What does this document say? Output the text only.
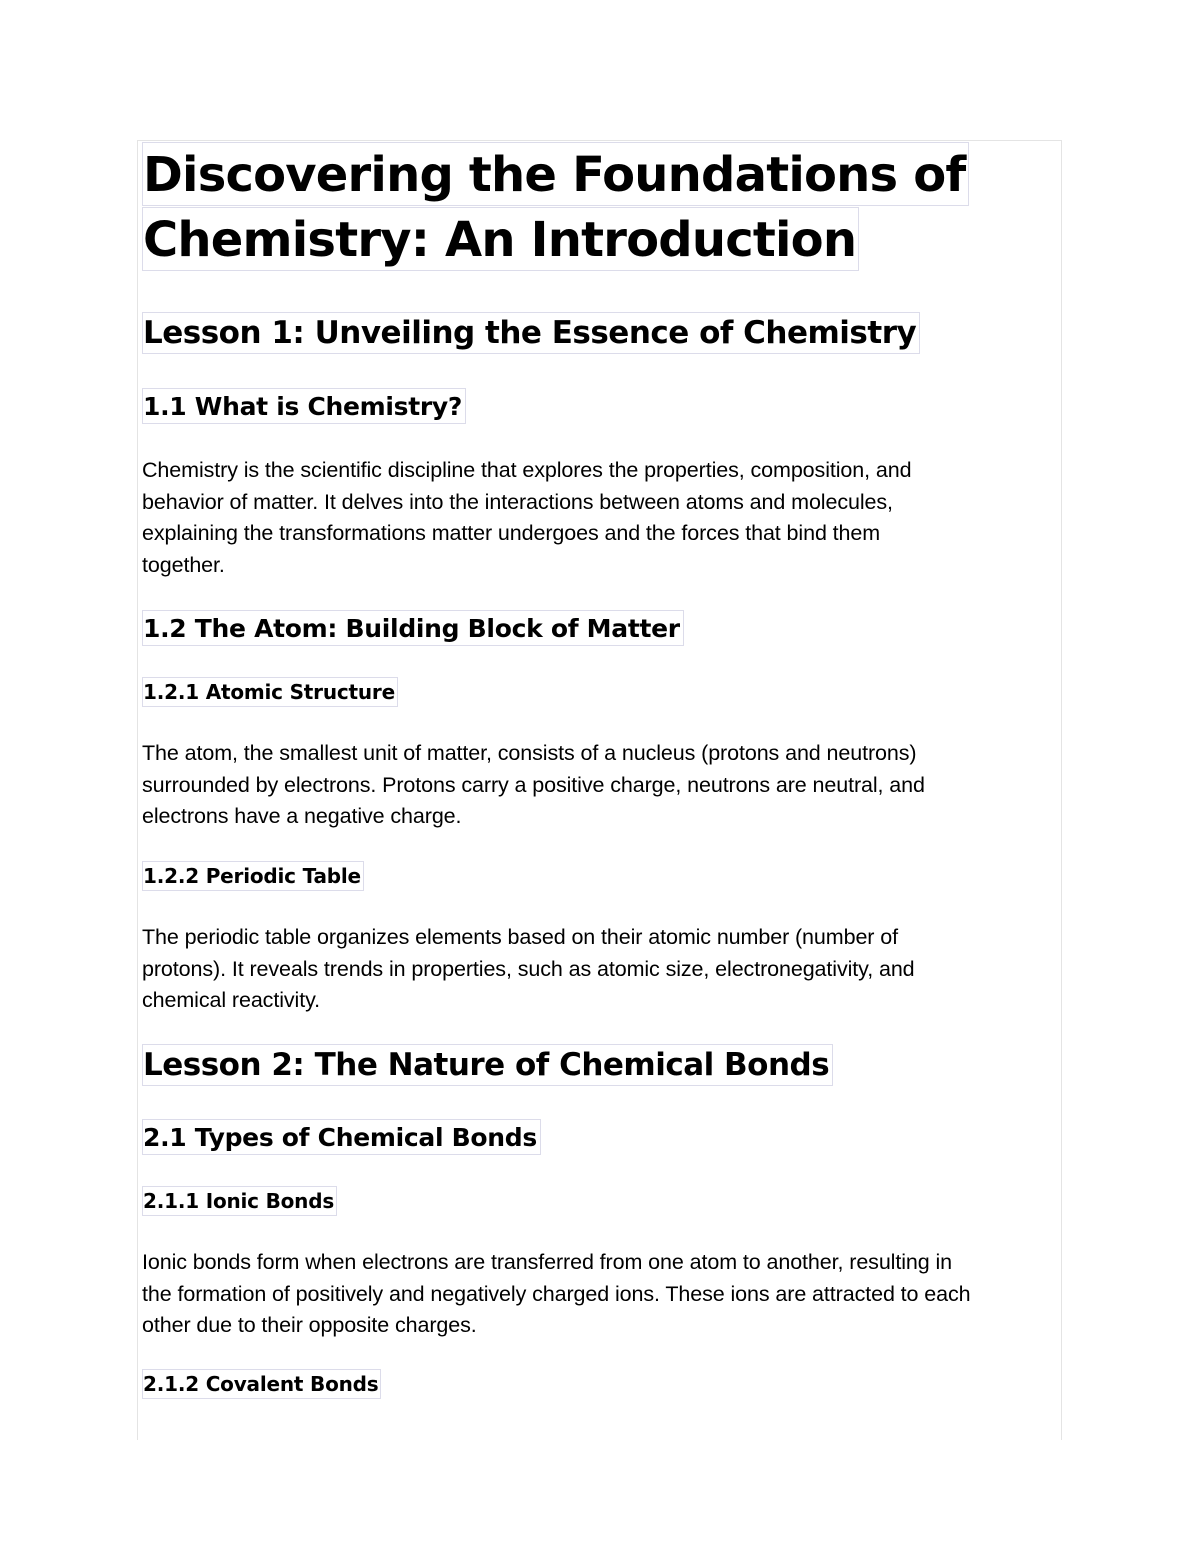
Discovering the Foundations of
Chemistry: An Introduction
Lesson 1: Unveiling the Essence of Chemistry
1.1 What is Chemistry?

Chemistry is the scientific discipline that explores the properties, composition, and

behavior of matter. It delves into the interactions between atoms and molecules,

explaining the transformations matter undergoes and the forces that bind them

together.

1.2 The Atom: Building Block of Matter
1.2.1 Atomic Structure

The atom, the smallest unit of matter, consists of a nucleus (protons and neutrons)

surrounded by electrons. Protons carry a positive charge, neutrons are neutral, and

electrons have a negative charge.

1.2.2 Periodic Table

The periodic table organizes elements based on their atomic number (number of

protons). It reveals trends in properties, such as atomic size, electronegativity, and

chemical reactivity.

Lesson 2: The Nature of Chemical Bonds
2.1 Types of Chemical Bonds
2.1.1 Ionic Bonds

Ionic bonds form when electrons are transferred from one atom to another, resulting in

the formation of positively and negatively charged ions. These ions are attracted to each

other due to their opposite charges.

2.1.2 Covalent Bonds
